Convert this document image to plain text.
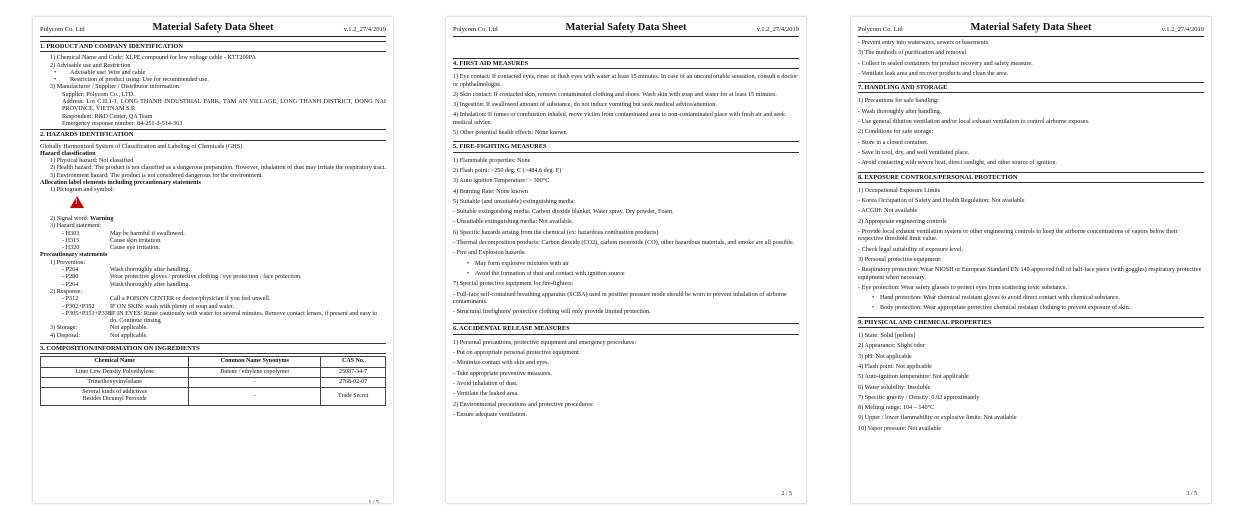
Polycom Co. Ltd	Material Safety Data Sheet	v.1.2_27/4/2019
1. PRODUCT AND COMPANY IDENTIFICATION
1) Chemical Name and Code: XLPE compound for low voltage cable - KTT200PA
2) Advisable use and Restriction
• Advisable use: Wire and cable
• Restriction of product using: Use for recommended use.
3) Manufacturer / Supplier / Distributor information:
Supplier: Polycom Co., LTD.
Address: Lot C.II.1-1, LONG THANH INDUSTRIAL PARK, TAM AN VILLAGE, LONG THANH DISTRICT, DONG NAI PROVINCE, VIETNAM S.R
Respondent: R&D Center, QA Team
Emergency response number: 84-251-3-514-363
2. HAZARDS IDENTIFICATION
Globally Harmonized System of Classification and Labeling of Chemicals (GHS)
Hazard classification
1) Physical hazard: Not classified
2) Health hazard: The product is not classified as a dangerous preparation. However, inhalation of dust may irritate the respiratory tract.
3) Environment hazard: The product is not considered dangerous for the environment.
Allocation label elements including precautionary statements
1) Pictogram and symbol:
!
2) Signal word: Warning
3) Hazard statement:
- H303	May be harmful if swallowed.
- H315	Cause skin irritation.
- H320	Cause eye irritation.
Precautionary statements
1) Prevention:
- P264	Wash thoroughly after handling.
- P280	Wear protective gloves / protective clothing / eye protection / face protection.
- P264	Wash thoroughly after handling.
2) Response:
- P312	Call a POISON CENTER or doctor/physician if you feel unwell.
- P302+P352	IF ON SKIN: wash with plenty of soap and water.
- P305+P351+P338 IF IN EYES: Rinse cautiously with water for several minutes. Remove contact lenses, if present and easy to do. Continue rinsing.
3) Storage:	Not applicable.
4) Disposal:	Not applicable.
3. COMPOSITION/INFORMATION ON INGREDIENTS
Chemical Name	Common Name Synonyms	CAS No.
Liner Low Density Polyethylene	Butene / ethylene copolymer	25087-34-7
Trimethoxyvinylsilane	-	2768-02-07
Several kinds of addictives
Besides Dicumyl Peroxide	-	Trade Secret
1 / 5
Polycom Co. Ltd	Material Safety Data Sheet	v.1.2_27/4/2019
4. FIRST AID MEASURES
1) Eye contact: If contacted eyes, rinse or flush eyes with water at least 15 minutes. In case of an uncomfortable sensation, consult a doctor or ophthalmologist.
2) Skin contact: If contacted skin, remove contaminated clothing and shoes. Wash skin with soap and water for at least 15 minutes.
3) Ingestion: If swallowed amount of substance, do not induce vomiting but seek medical advice/attention.
4) Inhalation: If fumes or combustion inhaled, move victim from contaminated area to non-contaminated place with fresh air and seek medical advice.
5) Other potential health effects: None known
5. FIRE-FIGHTING MEASURES
1) Flammable properties: None
2) Flash point: >250 deg. C (>484.6 deg. F)
3) Auto ignition Temperature: > 300°C
4) Burning Rate: None known
5) Suitable (and unsuitable) extinguishing media:
- Suitable extinguishing media: Carbon dioxide blanket, Water spray, Dry powder, Foam.
- Unsuitable extinguishing media: Not available.
6) Specific hazards arising from the chemical (ex: hazardous combustion products)
- Thermal decomposition products: Carbon dioxide (CO2), carbon monoxide (CO), other hazardous materials, and smoke are all possible.
- Fire and Explosion hazards:
• May form explosive mixtures with air
• Avoid the formation of dust and contact with ignition source
7) Special protective equipment for fire-fighters:
- Full-face self-contained breathing apparatus (SCBA) used in positive pressure mode should be worn to prevent inhalation of airborne contaminants.
- Structural firefighters' protective clothing will only provide limited protection.
6. ACCIDENTAL RELEASE MEASURES
1) Personal precautions, protective equipment and emergency procedures:
- Put on appropriate personal protective equipment.
- Minimize contact with skin and eyes.
- Take appropriate preventive measures.
- Avoid inhalation of dust.
- Ventilate the leaked area.
2) Environmental precautions and protective procedures:
- Ensure adequate ventilation.
2 / 5
Polycom Co. Ltd	Material Safety Data Sheet	v.1.2_27/4/2019
- Prevent entry into waterways, sewers or basements.
3) The methods of purification and removal
- Collect in sealed containers for product recovery and safety measure.
- Ventilate leak area and recover products and clean the area.
7. HANDLING AND STORAGE
1) Precautions for safe handling:
- Wash thoroughly after handling.
- Use general dilution ventilation and/or local exhaust ventilation to control airborne exposes.
2) Conditions for safe storage:
- Store in a closed container.
- Save in cool, dry, and well ventilated place.
- Avoid contacting with severe heat, direct sunlight, and other source of ignition.
8. EXPOSURE CONTROLS/PERSONAL PROTECTION
1) Occupational Exposure Limits
- Korea Occupation of Safety and Health Regulation: Not available
- ACGIH: Not available
2) Appropriate engineering controls
- Provide local exhaust ventilation system or other engineering controls to keep the airborne concentrations of vapors below their respective threshold limit value.
- Check legal suitability of exposure level.
3) Personal protective equipment:
- Respiratory protection: Wear NIOSH or European Standard EN 149 approved full of half-face piece (with goggles) respiratory protective equipment when necessary.
- Eye protection: Wear safety glasses to protect eyes from scattering toxic substance.
• Hand protection: Wear chemical resistant gloves to avoid direct contact with chemical substance.
• Body protection: Wear appropriate protective chemical resistant clothing to prevent exposure of skin.
9. PHYSICAL AND CHEMICAL PROPERTIES
1) State: Solid [pellets]
2) Appearance: Slight odor
3) pH: Not applicable
4) Flash point: Not applicable
5) Auto-ignition temperature: Not applicable
6) Water solubility: Insoluble
7) Specific gravity / Density: 0.92 approximately
8) Melting range: 104 – 140°C
9) Upper / lower flammability or explosive limits: Not available
10) Vapor pressure: Not available
3 / 5
